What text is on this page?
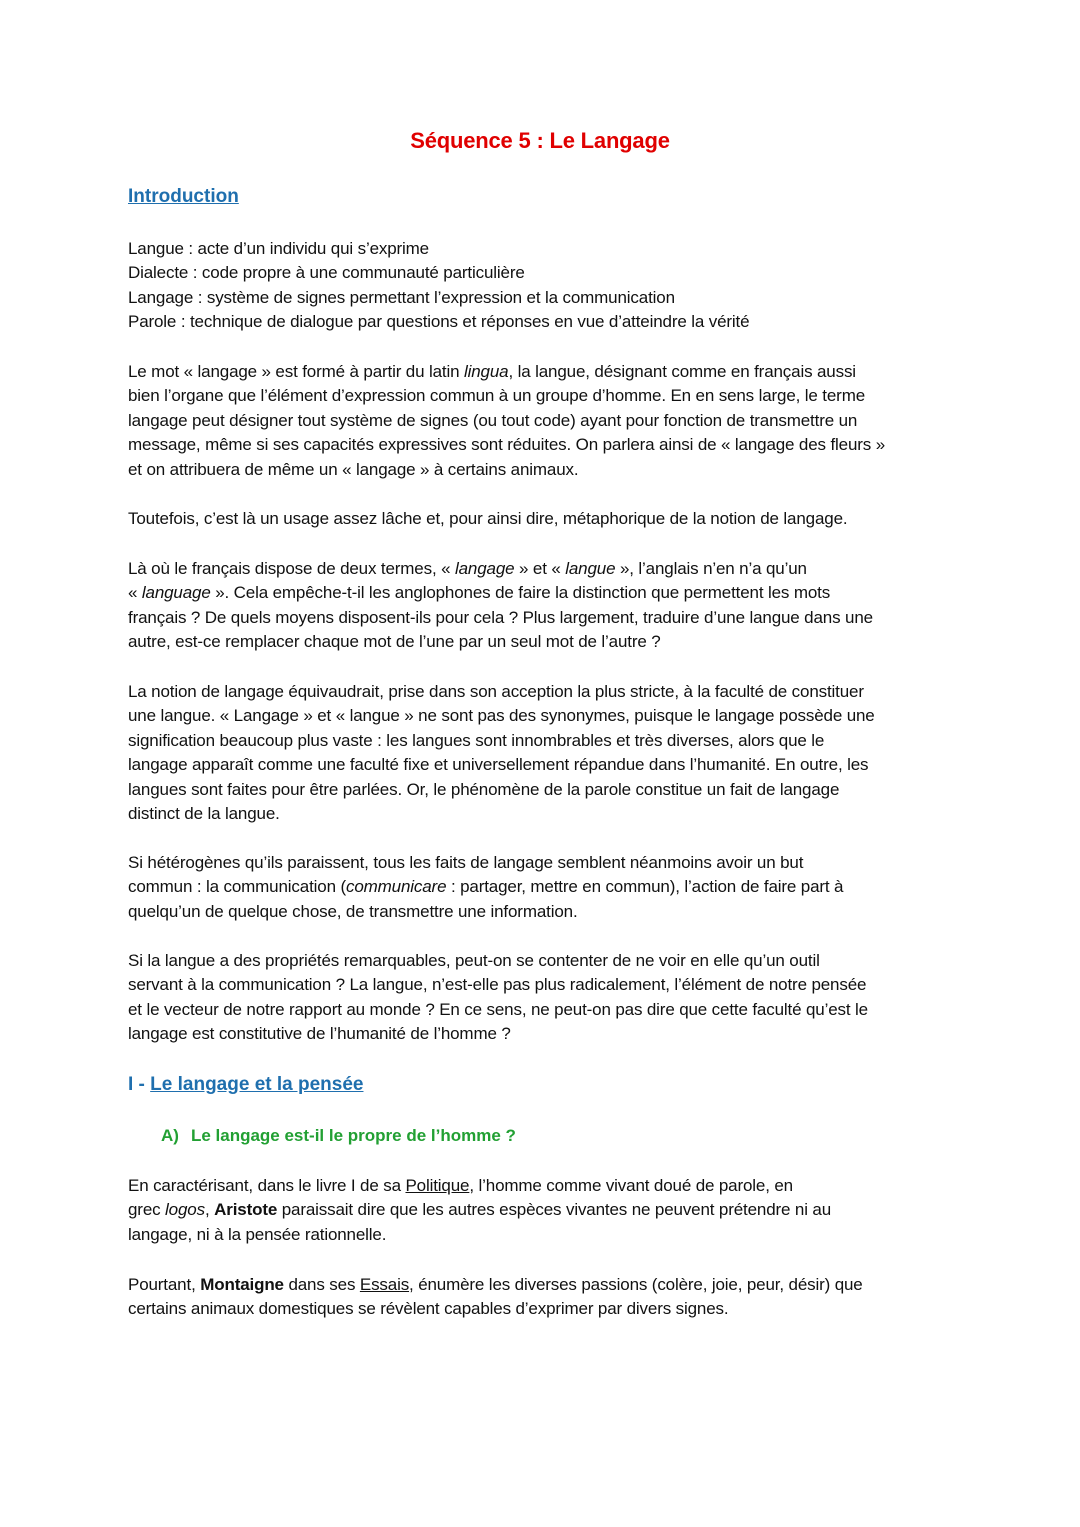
Séquence 5 : Le Langage
Introduction
Langue : acte d’un individu qui s’exprime
Dialecte : code propre à une communauté particulière
Langage : système de signes permettant l’expression et la communication
Parole : technique de dialogue par questions et réponses en vue d’atteindre la vérité
Le mot « langage » est formé à partir du latin lingua, la langue, désignant comme en français aussi
bien l’organe que l’élément d’expression commun à un groupe d’homme. En en sens large, le terme
langage peut désigner tout système de signes (ou tout code) ayant pour fonction de transmettre un
message, même si ses capacités expressives sont réduites. On parlera ainsi de « langage des fleurs »
et on attribuera de même un « langage » à certains animaux.
Toutefois, c’est là un usage assez lâche et, pour ainsi dire, métaphorique de la notion de langage.
Là où le français dispose de deux termes, « langage » et « langue », l’anglais n’en n’a qu’un
« language ». Cela empêche-t-il les anglophones de faire la distinction que permettent les mots
français ? De quels moyens disposent-ils pour cela ? Plus largement, traduire d’une langue dans une
autre, est-ce remplacer chaque mot de l’une par un seul mot de l’autre ?
La notion de langage équivaudrait, prise dans son acception la plus stricte, à la faculté de constituer
une langue. « Langage » et « langue » ne sont pas des synonymes, puisque le langage possède une
signification beaucoup plus vaste : les langues sont innombrables et très diverses, alors que le
langage apparaît comme une faculté fixe et universellement répandue dans l’humanité. En outre, les
langues sont faites pour être parlées. Or, le phénomène de la parole constitue un fait de langage
distinct de la langue.
Si hétérogènes qu’ils paraissent, tous les faits de langage semblent néanmoins avoir un but
commun : la communication (communicare : partager, mettre en commun), l’action de faire part à
quelqu’un de quelque chose, de transmettre une information.
Si la langue a des propriétés remarquables, peut-on se contenter de ne voir en elle qu’un outil
servant à la communication ? La langue, n’est-elle pas plus radicalement, l’élément de notre pensée
et le vecteur de notre rapport au monde ? En ce sens, ne peut-on pas dire que cette faculté qu’est le
langage est constitutive de l’humanité de l’homme ?
I - Le langage et la pensée
A) Le langage est-il le propre de l’homme ?
En caractérisant, dans le livre I de sa Politique, l’homme comme vivant doué de parole, en
grec logos, Aristote paraissait dire que les autres espèces vivantes ne peuvent prétendre ni au
langage, ni à la pensée rationnelle.
Pourtant, Montaigne dans ses Essais, énumère les diverses passions (colère, joie, peur, désir) que
certains animaux domestiques se révèlent capables d’exprimer par divers signes.
